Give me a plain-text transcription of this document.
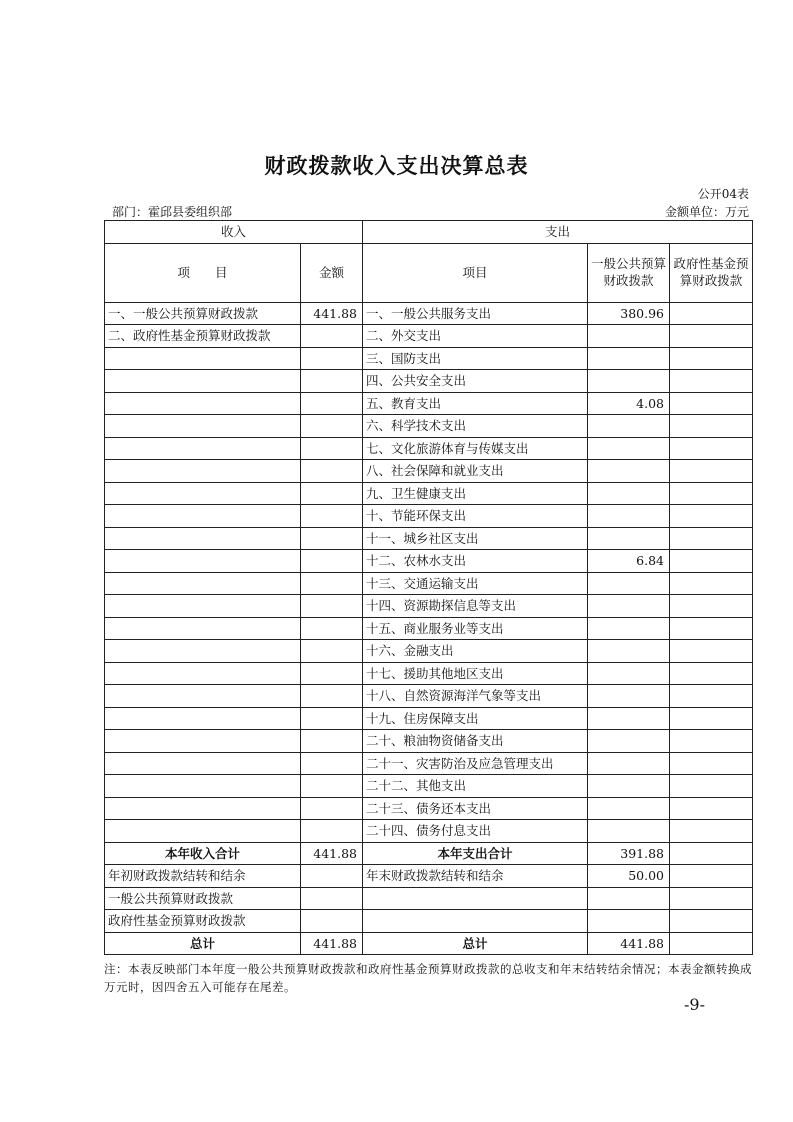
财政拨款收入支出决算总表
公开04表
部门：霍邱县委组织部	金额单位：万元
收入		支出		
项　　目	金额	项目	一般公共预算财政拨款	政府性基金预算财政拨款
一、一般公共预算财政拨款	441.88	一、一般公共服务支出	380.96	
二、政府性基金预算财政拨款		二、外交支出		
		三、国防支出		
		四、公共安全支出		
		五、教育支出	4.08	
		六、科学技术支出		
		七、文化旅游体育与传媒支出		
		八、社会保障和就业支出		
		九、卫生健康支出		
		十、节能环保支出		
		十一、城乡社区支出		
		十二、农林水支出	6.84	
		十三、交通运输支出		
		十四、资源勘探信息等支出		
		十五、商业服务业等支出		
		十六、金融支出		
		十七、援助其他地区支出		
		十八、自然资源海洋气象等支出		
		十九、住房保障支出		
		二十、粮油物资储备支出		
		二十一、灾害防治及应急管理支出		
		二十二、其他支出		
		二十三、债务还本支出		
		二十四、债务付息支出		
本年收入合计	441.88	本年支出合计	391.88	
年初财政拨款结转和结余		年末财政拨款结转和结余	50.00	
一般公共预算财政拨款				
政府性基金预算财政拨款				
总计	441.88	总计	441.88	
注：本表反映部门本年度一般公共预算财政拨款和政府性基金预算财政拨款的总收支和年末结转结余情况；本表金额转换成万元时，因四舍五入可能存在尾差。
-9-
